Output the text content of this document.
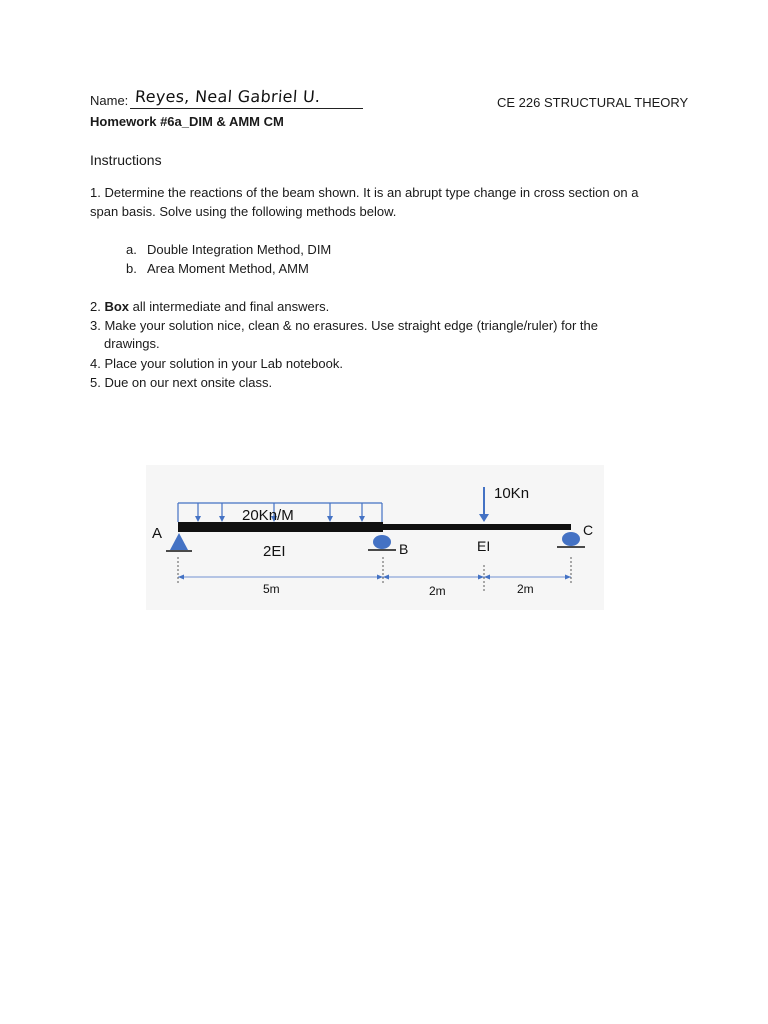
Name: Reyes, Neal Gabriel U.	CE 226 STRUCTURAL THEORY
Homework #6a_DIM & AMM CM
Instructions
1. Determine the reactions of the beam shown. It is an abrupt type change in cross section on a
span basis. Solve using the following methods below.
a. Double Integration Method, DIM
b. Area Moment Method, AMM
2. Box all intermediate and final answers.
3. Make your solution nice, clean & no erasures. Use straight edge (triangle/ruler) for the
drawings.
4. Place your solution in your Lab notebook.
5. Due on our next onsite class.
A
B
C
20Kn/M
10Kn
2EI	EI
5m	2m	2m
